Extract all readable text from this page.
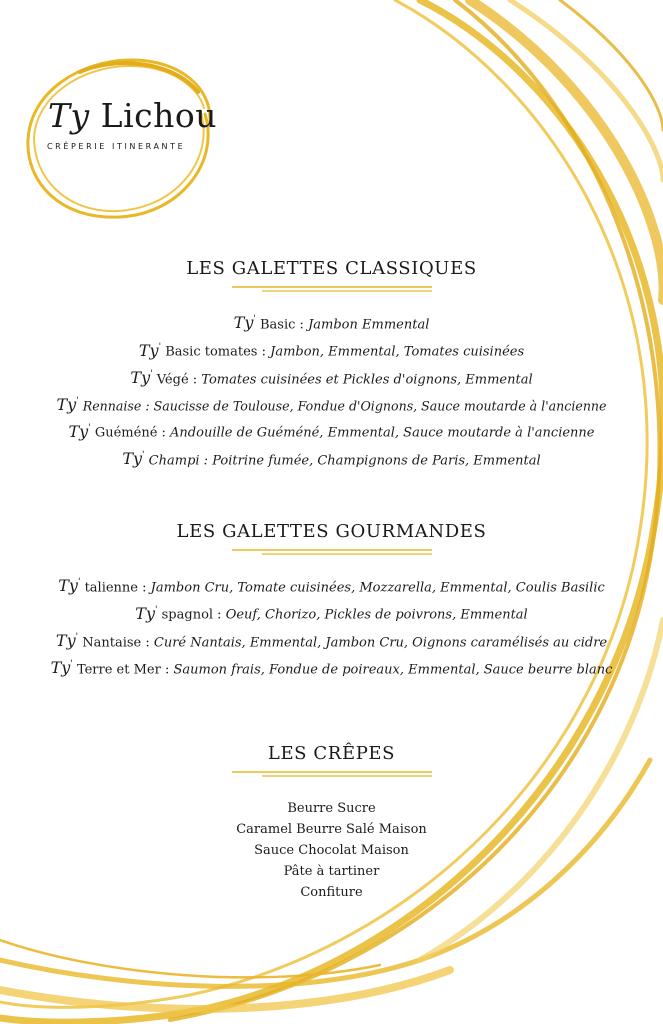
Ty Lichou

CRÊPERIE ITINERANTE

LES GALETTES CLASSIQUES
Ty' Basic : Jambon Emmental
Ty' Basic tomates : Jambon, Emmental, Tomates cuisinées
Ty' Végé : Tomates cuisinées et Pickles d'oignons, Emmental
Ty' Rennaise : Saucisse de Toulouse, Fondue d'Oignons, Sauce moutarde à l'ancienne
Ty' Guéméné : Andouille de Guéméné, Emmental, Sauce moutarde à l'ancienne
Ty' Champi : Poitrine fumée, Champignons de Paris, Emmental
LES GALETTES GOURMANDES
Ty' talienne : Jambon Cru, Tomate cuisinées, Mozzarella, Emmental, Coulis Basilic
Ty' spagnol : Oeuf, Chorizo, Pickles de poivrons, Emmental
Ty' Nantaise : Curé Nantais, Emmental, Jambon Cru, Oignons caramélisés au cidre
Ty' Terre et Mer : Saumon frais, Fondue de poireaux, Emmental, Sauce beurre blanc
LES CRÊPES
Beurre Sucre
Caramel Beurre Salé Maison
Sauce Chocolat Maison
Pâte à tartiner
Confiture
